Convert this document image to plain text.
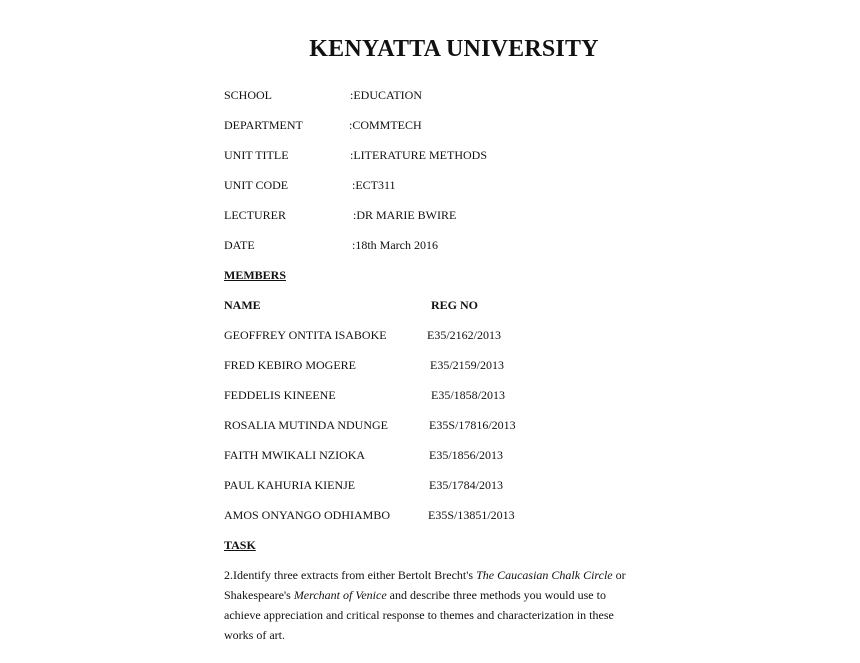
KENYATTA UNIVERSITY
SCHOOL	:EDUCATION
DEPARTMENT	:COMMTECH
UNIT TITLE	:LITERATURE METHODS
UNIT CODE	:ECT311
LECTURER	:DR MARIE BWIRE
DATE	:18th March 2016
MEMBERS
NAME	REG NO
GEOFFREY ONTITA ISABOKE	E35/2162/2013
FRED KEBIRO MOGERE	E35/2159/2013
FEDDELIS KINEENE	E35/1858/2013
ROSALIA MUTINDA NDUNGE	E35S/17816/2013
FAITH MWIKALI NZIOKA	E35/1856/2013
PAUL KAHURIA KIENJE	E35/1784/2013
AMOS ONYANGO ODHIAMBO	E35S/13851/2013
TASK
2.Identify three extracts from either Bertolt Brecht's The Caucasian Chalk Circle or Shakespeare's Merchant of Venice and describe three methods you would use to achieve appreciation and critical response to themes and characterization in these works of art.
